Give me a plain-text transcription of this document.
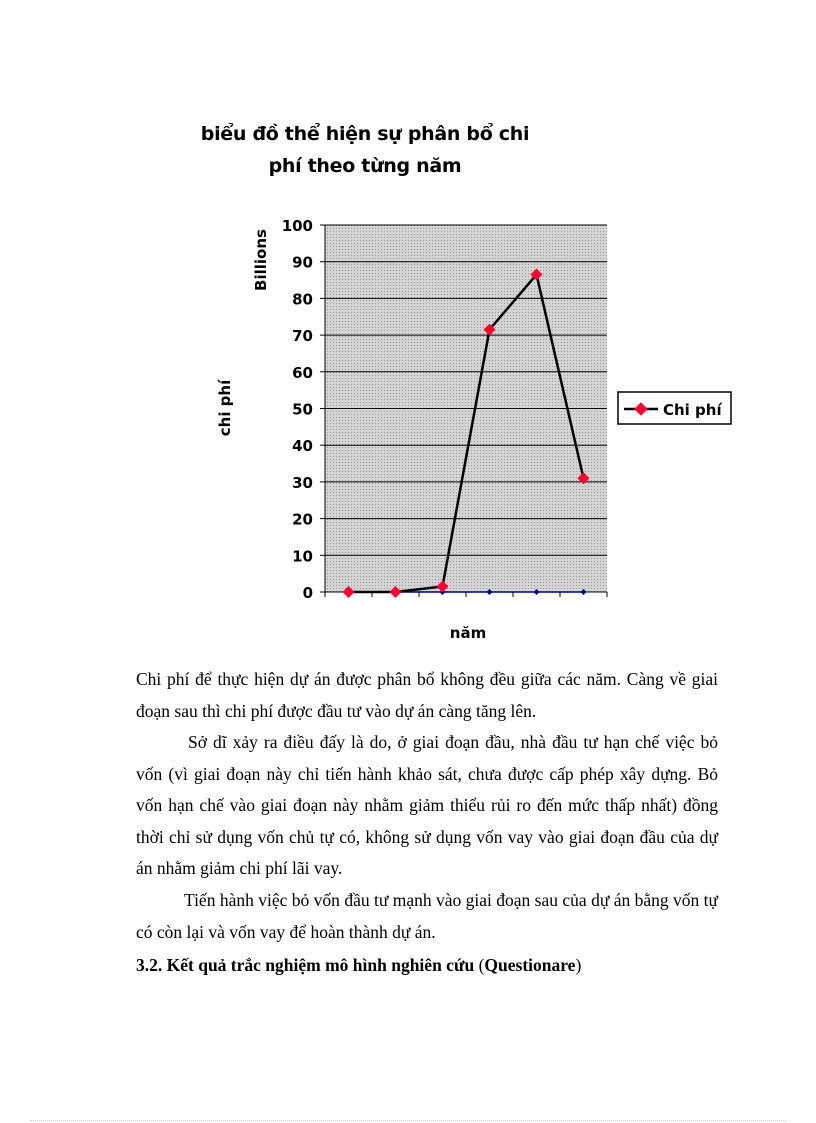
biểu đồ thể hiện sự phân bổ chi phí theo từng năm
100
90
80
70
60
50
40
30
20
10
0
Billions
chi phí
năm
Chi phí

Chi phí để thực hiện dự án được phân bổ không đều giữa các năm. Càng về giai đoạn sau thì chi phí được đầu tư vào dự án càng tăng lên.

Sở dĩ xảy ra điều đấy là do, ở giai đoạn đầu, nhà đầu tư hạn chế việc bỏ vốn (vì giai đoạn này chỉ tiến hành khảo sát, chưa được cấp phép xây dựng. Bỏ vốn hạn chế vào giai đoạn này nhằm giảm thiểu rủi ro đến mức thấp nhất) đồng thời chỉ sử dụng vốn chủ tự có, không sử dụng vốn vay vào giai đoạn đầu của dự án nhằm giảm chi phí lãi vay.

Tiến hành việc bỏ vốn đầu tư mạnh vào giai đoạn sau của dự án bằng vốn tự có còn lại và vốn vay để hoàn thành dự án.

3.2. Kết quả trắc nghiệm mô hình nghiên cứu (Questionare)
